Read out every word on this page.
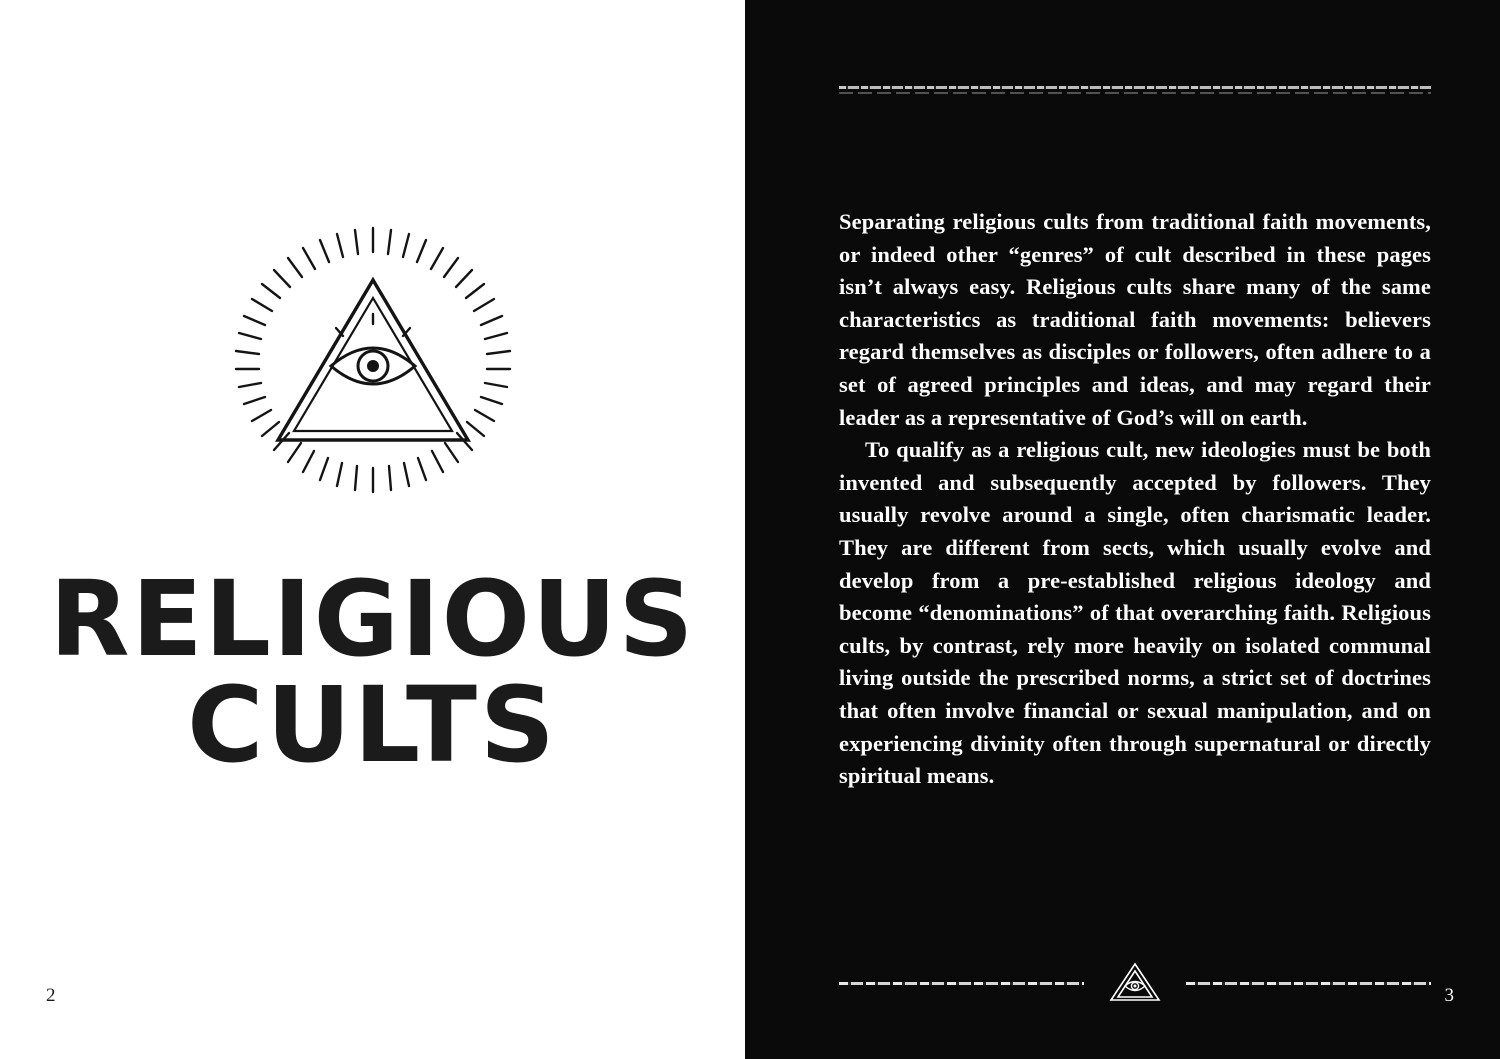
RELIGIOUS
CULTS
2

Separating religious cults from traditional faith movements, or indeed other “genres” of cult described in these pages isn’t always easy. Religious cults share many of the same characteristics as traditional faith movements: believers regard themselves as disciples or followers, often adhere to a set of agreed principles and ideas, and may regard their leader as a representative of God’s will on earth.

To qualify as a religious cult, new ideologies must be both invented and subsequently accepted by followers. They usually revolve around a single, often charismatic leader. They are different from sects, which usually evolve and develop from a pre-established religious ideology and become “denominations” of that overarching faith. Religious cults, by contrast, rely more heavily on isolated communal living outside the prescribed norms, a strict set of doctrines that often involve financial or sexual manipulation, and on experiencing divinity often through supernatural or directly spiritual means.

3
